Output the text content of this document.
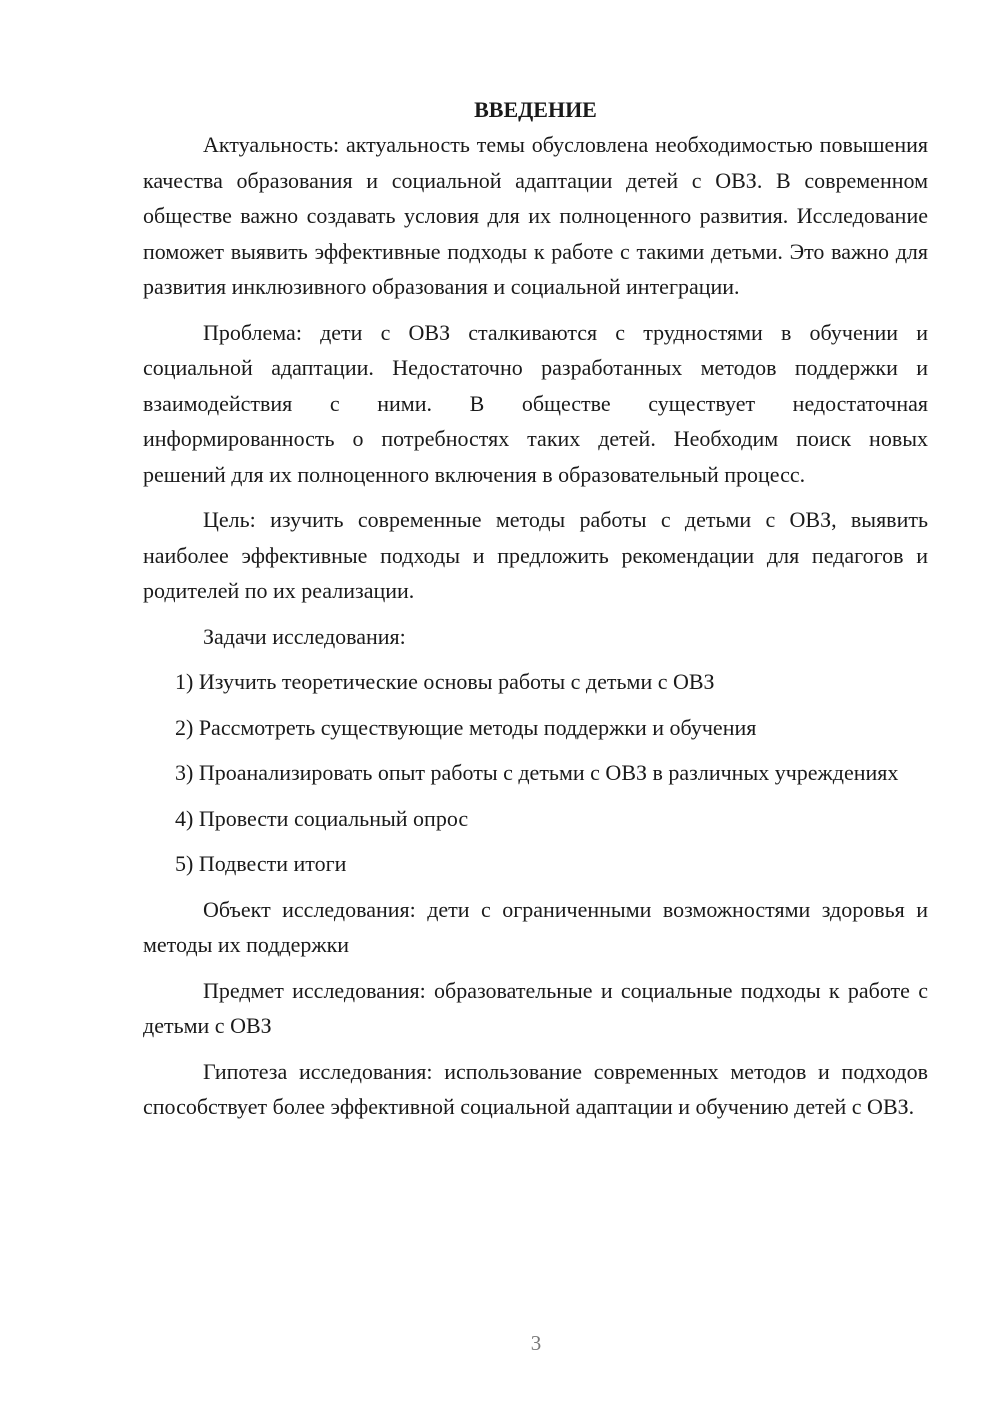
ВВЕДЕНИЕ

Актуальность: актуальность темы обусловлена необходимостью повышения качества образования и социальной адаптации детей с ОВЗ. В современном обществе важно создавать условия для их полноценного развития. Исследование поможет выявить эффективные подходы к работе с такими детьми. Это важно для развития инклюзивного образования и социальной интеграции.

Проблема: дети с ОВЗ сталкиваются с трудностями в обучении и социальной адаптации. Недостаточно разработанных методов поддержки и взаимодействия с ними. В обществе существует недостаточная информированность о потребностях таких детей. Необходим поиск новых решений для их полноценного включения в образовательный процесс.

Цель: изучить современные методы работы с детьми с ОВЗ, выявить наиболее эффективные подходы и предложить рекомендации для педагогов и родителей по их реализации.

Задачи исследования:

1) Изучить теоретические основы работы с детьми с ОВЗ

2) Рассмотреть существующие методы поддержки и обучения

3) Проанализировать опыт работы с детьми с ОВЗ в различных учреждениях

4) Провести социальный опрос

5) Подвести итоги

Объект исследования: дети с ограниченными возможностями здоровья и методы их поддержки

Предмет исследования: образовательные и социальные подходы к работе с детьми с ОВЗ

Гипотеза исследования: использование современных методов и подходов способствует более эффективной социальной адаптации и обучению детей с ОВЗ.

3
